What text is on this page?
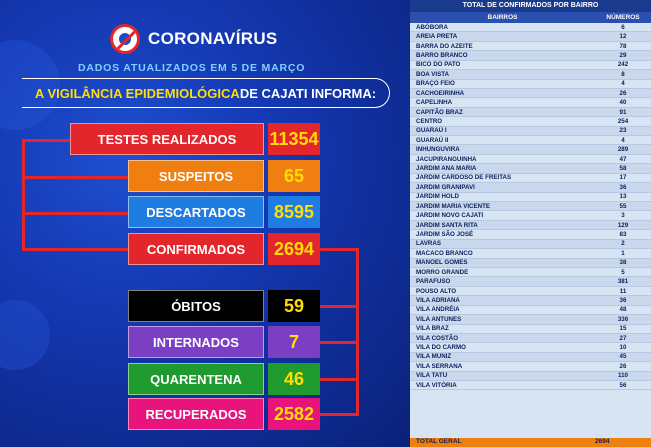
CORONAVÍRUS
DADOS ATUALIZADOS EM 5 DE MARÇO
A VIGILÂNCIA EPIDEMIOLÓGICA DE CAJATI INFORMA:
TESTES REALIZADOS	11354
SUSPEITOS	65
DESCARTADOS	8595
CONFIRMADOS	2694
ÓBITOS	59
INTERNADOS	7
QUARENTENA	46
RECUPERADOS	2582
TOTAL DE CONFIRMADOS POR BAIRRO
BAIRROS	NÚMEROS
ABÓBORA	6
AREIA PRETA	12
BARRA DO AZEITE	78
BARRO BRANCO	29
BICO DO PATO	242
BOA VISTA	8
BRAÇO FEIO	4
CACHOEIRINHA	26
CAPELINHA	40
CAPITÃO BRAZ	91
CENTRO	254
GUARAÚ I	23
GUARAÚ II	4
INHUNGUVIRA	289
JACUPIRANGUINHA	47
JARDIM ANA MARIA	58
JARDIM CARDOSO DE FREITAS	17
JARDIM GRANIPAVI	36
JARDIM HOLD	13
JARDIM MARIA VICENTE	55
JARDIM NOVO CAJATI	3
JARDIM SANTA RITA	129
JARDIM SÃO JOSÉ	83
LAVRAS	2
MACACO BRANCO	1
MANOEL GOMES	38
MORRO GRANDE	5
PARAFUSO	381
POUSO ALTO	11
VILA ADRIANA	36
VILA ANDRÉIA	48
VILA ANTUNES	336
VILA BRAZ	15
VILA COSTÃO	27
VILA DO CARMO	10
VILA MUNIZ	45
VILA SERRANA	26
VILA TATU	110
VILA VITÓRIA	56
TOTAL GERAL	2694
